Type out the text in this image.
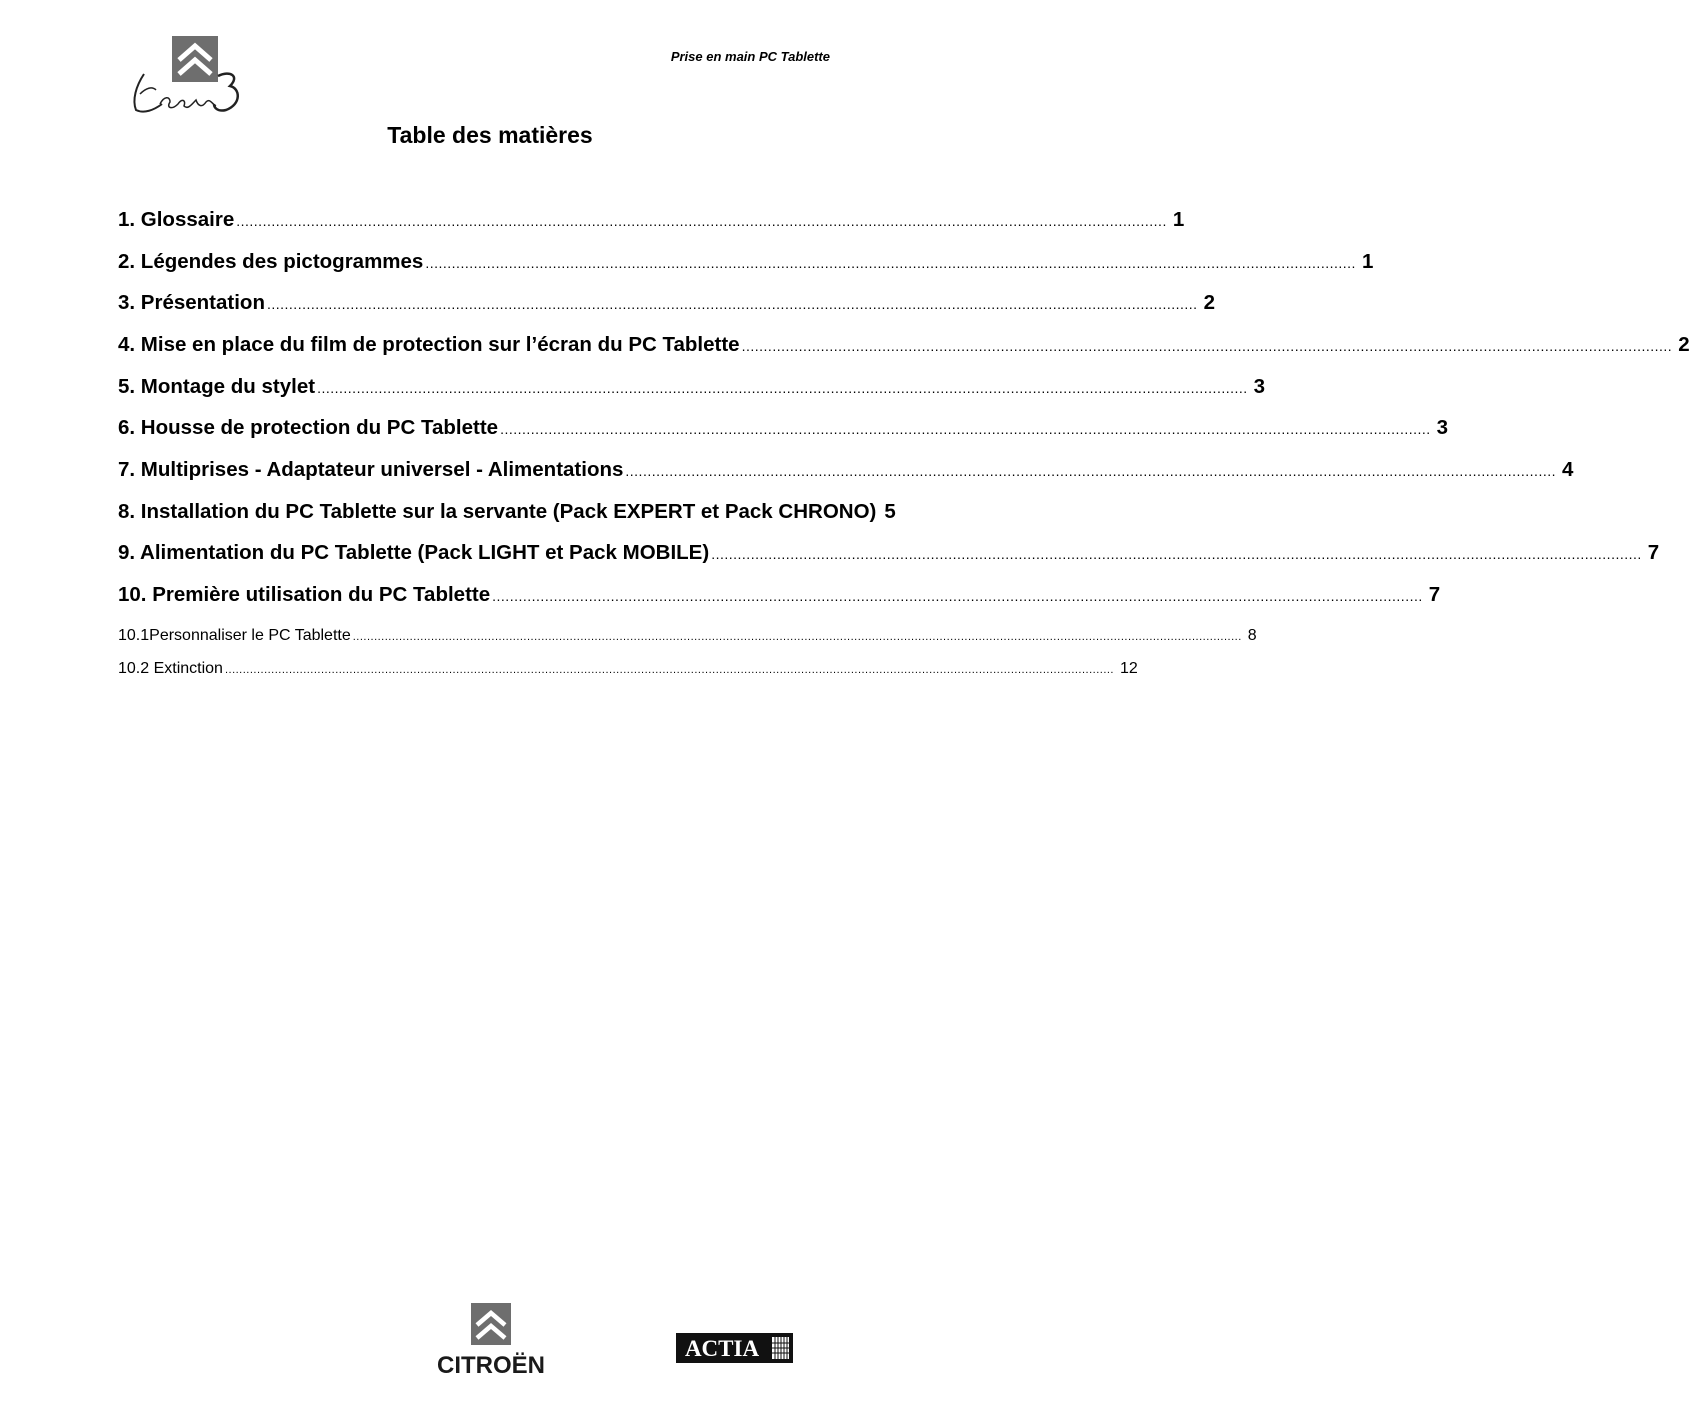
Prise en main PC Tablette
Table des matières
1. Glossaire .................................................................................................................................................................................................................... 1
2. Légendes des pictogrammes .................................................................................................................................................................................................................... 1
3. Présentation .................................................................................................................................................................................................................... 2
4. Mise en place du film de protection sur l’écran du PC Tablette .................................................................................................................................................................................................................... 2
5. Montage du stylet .................................................................................................................................................................................................................... 3
6. Housse de protection du PC Tablette .................................................................................................................................................................................................................... 3
7. Multiprises - Adaptateur universel - Alimentations .................................................................................................................................................................................................................... 4
8. Installation du PC Tablette sur la servante (Pack EXPERT et Pack CHRONO) 5
9. Alimentation du PC Tablette (Pack LIGHT et Pack MOBILE) .................................................................................................................................................................................................................... 7
10. Première utilisation du PC Tablette .................................................................................................................................................................................................................... 7
10.1Personnaliser le PC Tablette .......................................................................................................................................................................................................................................................... 8
10.2 Extinction .......................................................................................................................................................................................................................................................... 12
CITROËN
ACTIA
